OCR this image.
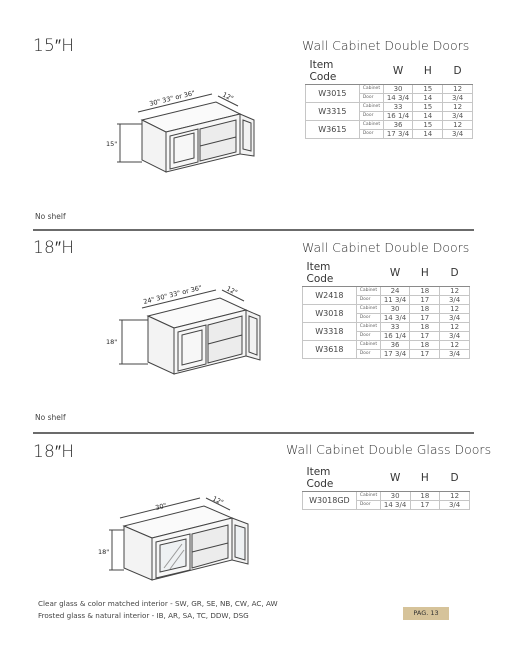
15″H	Wall Cabinet Double Doors
Item Code		W	H	D
W3015	Cabinet	30	15	12
	Door	14 3/4	14	3/4
W3315	Cabinet	33	15	12
	Door	16 1/4	14	3/4
W3615	Cabinet	36	15	12
	Door	17 3/4	14	3/4
30" 33" or 36"	12"
15"
No shelf
18″H	Wall Cabinet Double Doors
Item Code		W	H	D
W2418	Cabinet	24	18	12
	Door	11 3/4	17	3/4
W3018	Cabinet	30	18	12
	Door	14 3/4	17	3/4
W3318	Cabinet	33	18	12
	Door	16 1/4	17	3/4
W3618	Cabinet	36	18	12
	Door	17 3/4	17	3/4
24" 30" 33" or 36"	12"
18"
No shelf
18″H	Wall Cabinet Double Glass Doors
Item Code		W	H	D
W3018GD	Cabinet	30	18	12
	Door	14 3/4	17	3/4
30"	12"
18"
Clear glass & color matched interior - SW, GR, SE, NB, CW, AC, AW
Frosted glass & natural interior - IB, AR, SA, TC, DDW, DSG	PAG. 13
